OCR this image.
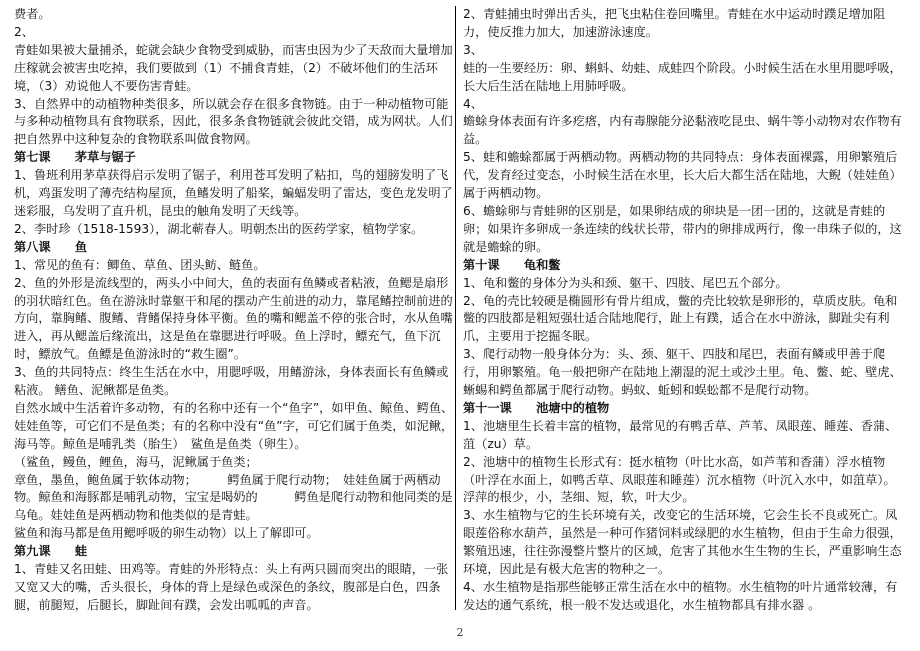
费者。

2、

青蛙如果被大量捕杀，蛇就会缺少食物受到威胁，而害虫因为少了天敌而大量增加庄稼就会被害虫吃掉，我们要做到（1）不捕食青蛙，（2）不破坏他们的生活环境，（3）劝说他人不要伤害青蛙。

3、自然界中的动植物种类很多，所以就会存在很多食物链。由于一种动植物可能与多种动植物具有食物联系，因此，很多条食物链就会彼此交错，成为网状。人们把自然界中这种复杂的食物联系叫做食物网。

第七课　　茅草与锯子

1、鲁班利用茅草获得启示发明了锯子，利用苍耳发明了粘扣，鸟的翅膀发明了飞机，鸡蛋发明了薄壳结构屋顶，鱼鳍发明了船桨，蝙蝠发明了雷达，变色龙发明了迷彩服，乌发明了直升机，昆虫的触角发明了天线等。

2、李时珍（1518-1593），湖北蕲春人。明朝杰出的医药学家，植物学家。

第八课　　鱼

1、常见的鱼有：鲫鱼、草鱼、团头鲂、鲢鱼。

2、鱼的外形是流线型的，两头小中间大，鱼的表面有鱼鳞或者粘液，鱼鳃是扇形的羽状暗红色。鱼在游泳时靠躯干和尾的摆动产生前进的动力，靠尾鳍控制前进的方向，靠胸鳍、腹鳍、背鳍保持身体平衡。鱼的嘴和鳃盖不停的张合时，水从鱼嘴进入，再从鳃盖后缘流出，这是鱼在靠腮进行呼吸。鱼上浮时，鳔充气，鱼下沉时，鳔放气。鱼鳔是鱼游泳时的“救生圈”。

3、鱼的共同特点：终生生活在水中，用腮呼吸，用鳍游泳，身体表面长有鱼鳞或粘液。 鳝鱼、泥鳅都是鱼类。

自然水域中生活着许多动物，有的名称中还有一个“鱼字”，如甲鱼、鲸鱼、鳄鱼、娃娃鱼等，可它们不是鱼类；有的名称中没有“鱼”字，可它们属于鱼类，如泥鳅，海马等。鲸鱼是哺乳类（胎生）　鲨鱼是鱼类（卵生）。

（鲨鱼，鳗鱼，鲤鱼，海马，泥鳅属于鱼类；

章鱼，墨鱼，鲍鱼属于软体动物；　　　鳄鱼属于爬行动物；　娃娃鱼属于两栖动物。鲸鱼和海豚都是哺乳动物，宝宝是喝奶的　　　鳄鱼是爬行动物和他同类的是乌龟。娃娃鱼是两栖动物和他类似的是青蛙。

鲨鱼和海马都是鱼用鳃呼吸的卵生动物）以上了解即可。

第九课　　蛙

1、青蛙又名田蛙、田鸡等。青蛙的外形特点：头上有两只圆而突出的眼睛，一张又宽又大的嘴，舌头很长，身体的背上是绿色或深色的条纹，腹部是白色，四条腿，前腿短，后腿长，脚趾间有蹼，会发出呱呱的声音。

2、青蛙捕虫时弹出舌头，把飞虫粘住卷回嘴里。青蛙在水中运动时蹼足增加阻力，使反推力加大，加速游泳速度。

3、

蛙的一生要经历：卵、蝌蚪、幼蛙、成蛙四个阶段。小时候生活在水里用腮呼吸，长大后生活在陆地上用肺呼吸。

4、

蟾蜍身体表面有许多疙瘩，内有毒腺能分泌黏液吃昆虫、蜗牛等小动物对农作物有益。

5、蛙和蟾蜍都属于两栖动物。两栖动物的共同特点：身体表面裸露，用卵繁殖后代，发育经过变态，小时候生活在水里，长大后大都生活在陆地，大鲵（娃娃鱼）属于两栖动物。

6、蟾蜍卵与青蛙卵的区别是，如果卵结成的卵块是一团一团的，这就是青蛙的卵；如果许多卵成一条连续的线状长带，带内的卵排成两行，像一串珠子似的，这就是蟾蜍的卵。

第十课　　龟和鳖

1、龟和鳖的身体分为头和颈、躯干、四肢、尾巴五个部分。

2、龟的壳比较硬是椭圆形有骨片组成，鳖的壳比较软是卵形的，草质皮肤。龟和鳖的四肢都是粗短强壮适合陆地爬行，趾上有蹼，适合在水中游泳，脚趾尖有利爪，主要用于挖掘冬眠。

3、爬行动物一般身体分为：头、颈、躯干、四肢和尾巴，表面有鳞或甲善于爬行，用卵繁殖。龟一般把卵产在陆地上潮湿的泥土或沙土里。龟、鳖、蛇、壁虎、蜥蜴和鳄鱼都属于爬行动物。蚂蚁、蚯蚓和蜈蚣都不是爬行动物。

第十一课　　池塘中的植物

1、池塘里生长着丰富的植物，最常见的有鸭舌草、芦苇、凤眼莲、睡莲、香蒲、菹（zu）草。

2、池塘中的植物生长形式有：挺水植物（叶比水高，如芦苇和香蒲）浮水植物（叶浮在水面上，如鸭舌草、凤眼莲和睡莲）沉水植物（叶沉入水中，如菹草）。浮萍的根少，小，茎细、短，软，叶大少。

3、水生植物与它的生长环境有关，改变它的生活环境，它会生长不良或死亡。凤眼莲俗称水葫芦，虽然是一种可作猪饲料或绿肥的水生植物，但由于生命力很强，繁殖迅速，往往弥漫整片整片的区域，危害了其他水生生物的生长，严重影响生态环境，因此是有极大危害的物种之一。

4、水生植物是指那些能够正常生活在水中的植物。水生植物的叶片通常较薄，有发达的通气系统，根一般不发达或退化，水生植物都具有排水器 。

2
